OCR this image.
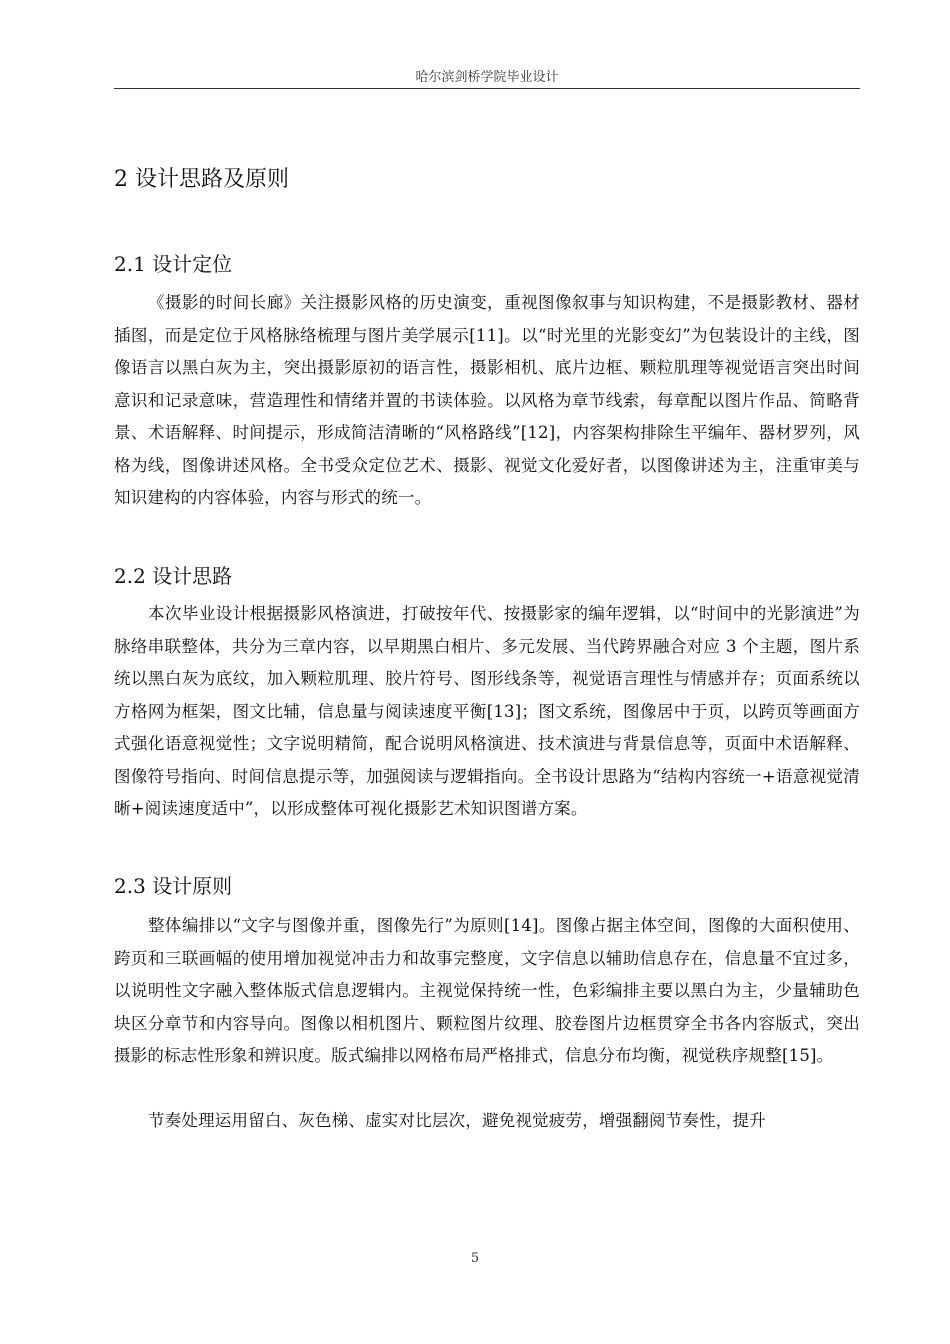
哈尔滨剑桥学院毕业设计
2 设计思路及原则
2.1 设计定位

《摄影的时间长廊》关注摄影风格的历史演变，重视图像叙事与知识构建，不是摄影教材、器材插图，而是定位于风格脉络梳理与图片美学展示[11]。以“时光里的光影变幻”为包装设计的主线，图像语言以黑白灰为主，突出摄影原初的语言性，摄影相机、底片边框、颗粒肌理等视觉语言突出时间意识和记录意味，营造理性和情绪并置的书读体验。以风格为章节线索，每章配以图片作品、简略背景、术语解释、时间提示，形成简洁清晰的“风格路线”[12]，内容架构排除生平编年、器材罗列，风格为线，图像讲述风格。全书受众定位艺术、摄影、视觉文化爱好者，以图像讲述为主，注重审美与知识建构的内容体验，内容与形式的统一。

2.2 设计思路

本次毕业设计根据摄影风格演进，打破按年代、按摄影家的编年逻辑，以“时间中的光影演进”为脉络串联整体，共分为三章内容，以早期黑白相片、多元发展、当代跨界融合对应 3 个主题，图片系统以黑白灰为底纹，加入颗粒肌理、胶片符号、图形线条等，视觉语言理性与情感并存；页面系统以方格网为框架，图文比辅，信息量与阅读速度平衡[13]；图文系统，图像居中于页，以跨页等画面方式强化语意视觉性；文字说明精简，配合说明风格演进、技术演进与背景信息等，页面中术语解释、图像符号指向、时间信息提示等，加强阅读与逻辑指向。全书设计思路为“结构内容统一+语意视觉清晰+阅读速度适中”，以形成整体可视化摄影艺术知识图谱方案。

2.3 设计原则

整体编排以“文字与图像并重，图像先行”为原则[14]。图像占据主体空间，图像的大面积使用、跨页和三联画幅的使用增加视觉冲击力和故事完整度，文字信息以辅助信息存在，信息量不宜过多，以说明性文字融入整体版式信息逻辑内。主视觉保持统一性，色彩编排主要以黑白为主，少量辅助色块区分章节和内容导向。图像以相机图片、颗粒图片纹理、胶卷图片边框贯穿全书各内容版式，突出摄影的标志性形象和辨识度。版式编排以网格布局严格排式，信息分布均衡，视觉秩序规整[15]。

节奏处理运用留白、灰色梯、虚实对比层次，避免视觉疲劳，增强翻阅节奏性，提升

5
